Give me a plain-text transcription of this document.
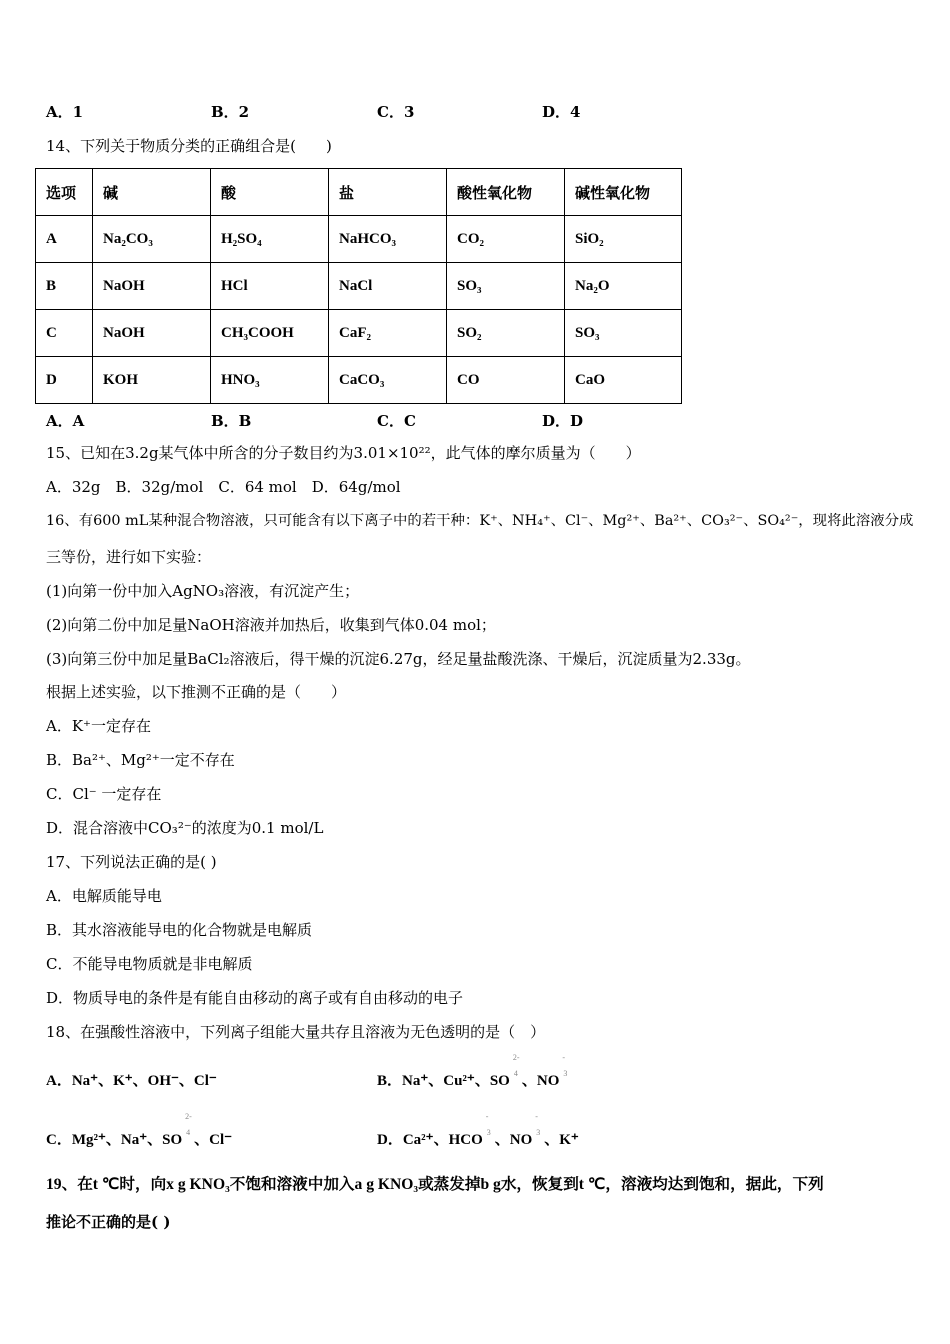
A．1	B．2	C．3	D．4
14、下列关于物质分类的正确组合是(　　)
选项	碱	酸	盐	酸性氧化物	碱性氧化物
A	Na₂CO₃	H₂SO₄	NaHCO₃	CO₂	SiO₂
B	NaOH	HCl	NaCl	SO₃	Na₂O
C	NaOH	CH₃COOH	CaF₂	SO₂	SO₃
D	KOH	HNO₃	CaCO₃	CO	CaO
A．A	B．B	C．C	D．D
15、已知在3.2g某气体中所含的分子数目约为3.01×10²²，此气体的摩尔质量为（　　）
A．32g　B．32g/mol　C．64 mol　D．64g/mol
16、有600 mL某种混合物溶液，只可能含有以下离子中的若干种：K⁺、NH₄⁺、Cl⁻、Mg²⁺、Ba²⁺、CO₃²⁻、SO₄²⁻，现将此溶液分成
三等份，进行如下实验：
(1)向第一份中加入AgNO₃溶液，有沉淀产生；
(2)向第二份中加足量NaOH溶液并加热后，收集到气体0.04 mol；
(3)向第三份中加足量BaCl₂溶液后，得干燥的沉淀6.27g，经足量盐酸洗涤、干燥后，沉淀质量为2.33g。
根据上述实验，以下推测不正确的是（　　）
A．K⁺一定存在
B．Ba²⁺、Mg²⁺一定不存在
C．Cl⁻ 一定存在
D．混合溶液中CO₃²⁻的浓度为0.1 mol/L
17、下列说法正确的是( )
A．电解质能导电
B．其水溶液能导电的化合物就是电解质
C．不能导电物质就是非电解质
D．物质导电的条件是有能自由移动的离子或有自由移动的电子
18、在强酸性溶液中，下列离子组能大量共存且溶液为无色透明的是（　）
A．Na⁺、K⁺、OH⁻、Cl⁻	B．Na⁺、Cu²⁺、SO
2-
4 、NO
-
3
C．Mg²⁺、Na⁺、SO
2-
4 、Cl⁻	D．Ca²⁺、HCO
-
3 、NO
-
3 、K⁺
19、在t ℃时，向x g KNO₃不饱和溶液中加入a g KNO₃或蒸发掉b g水，恢复到t ℃，溶液均达到饱和，据此，下列
推论不正确的是( )
